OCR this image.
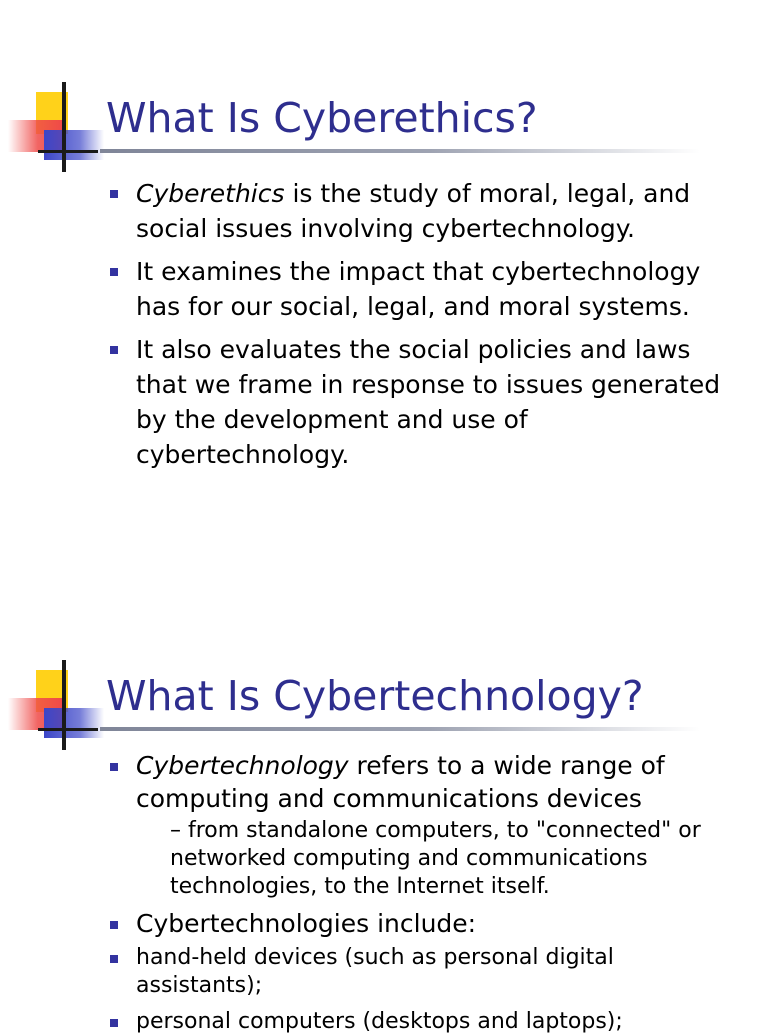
What Is Cyberethics?
Cyberethics is the study of moral, legal, and social issues involving cybertechnology.
It examines the impact that cybertechnology has for our social, legal, and moral systems.
It also evaluates the social policies and laws that we frame in response to issues generated by the development and use of cybertechnology.
What Is Cybertechnology?
Cybertechnology refers to a wide range of computing and communications devices
– from standalone computers, to "connected" or networked computing and communications technologies, to the Internet itself.
Cybertechnologies include:
hand-held devices (such as personal digital assistants);
personal computers (desktops and laptops);
